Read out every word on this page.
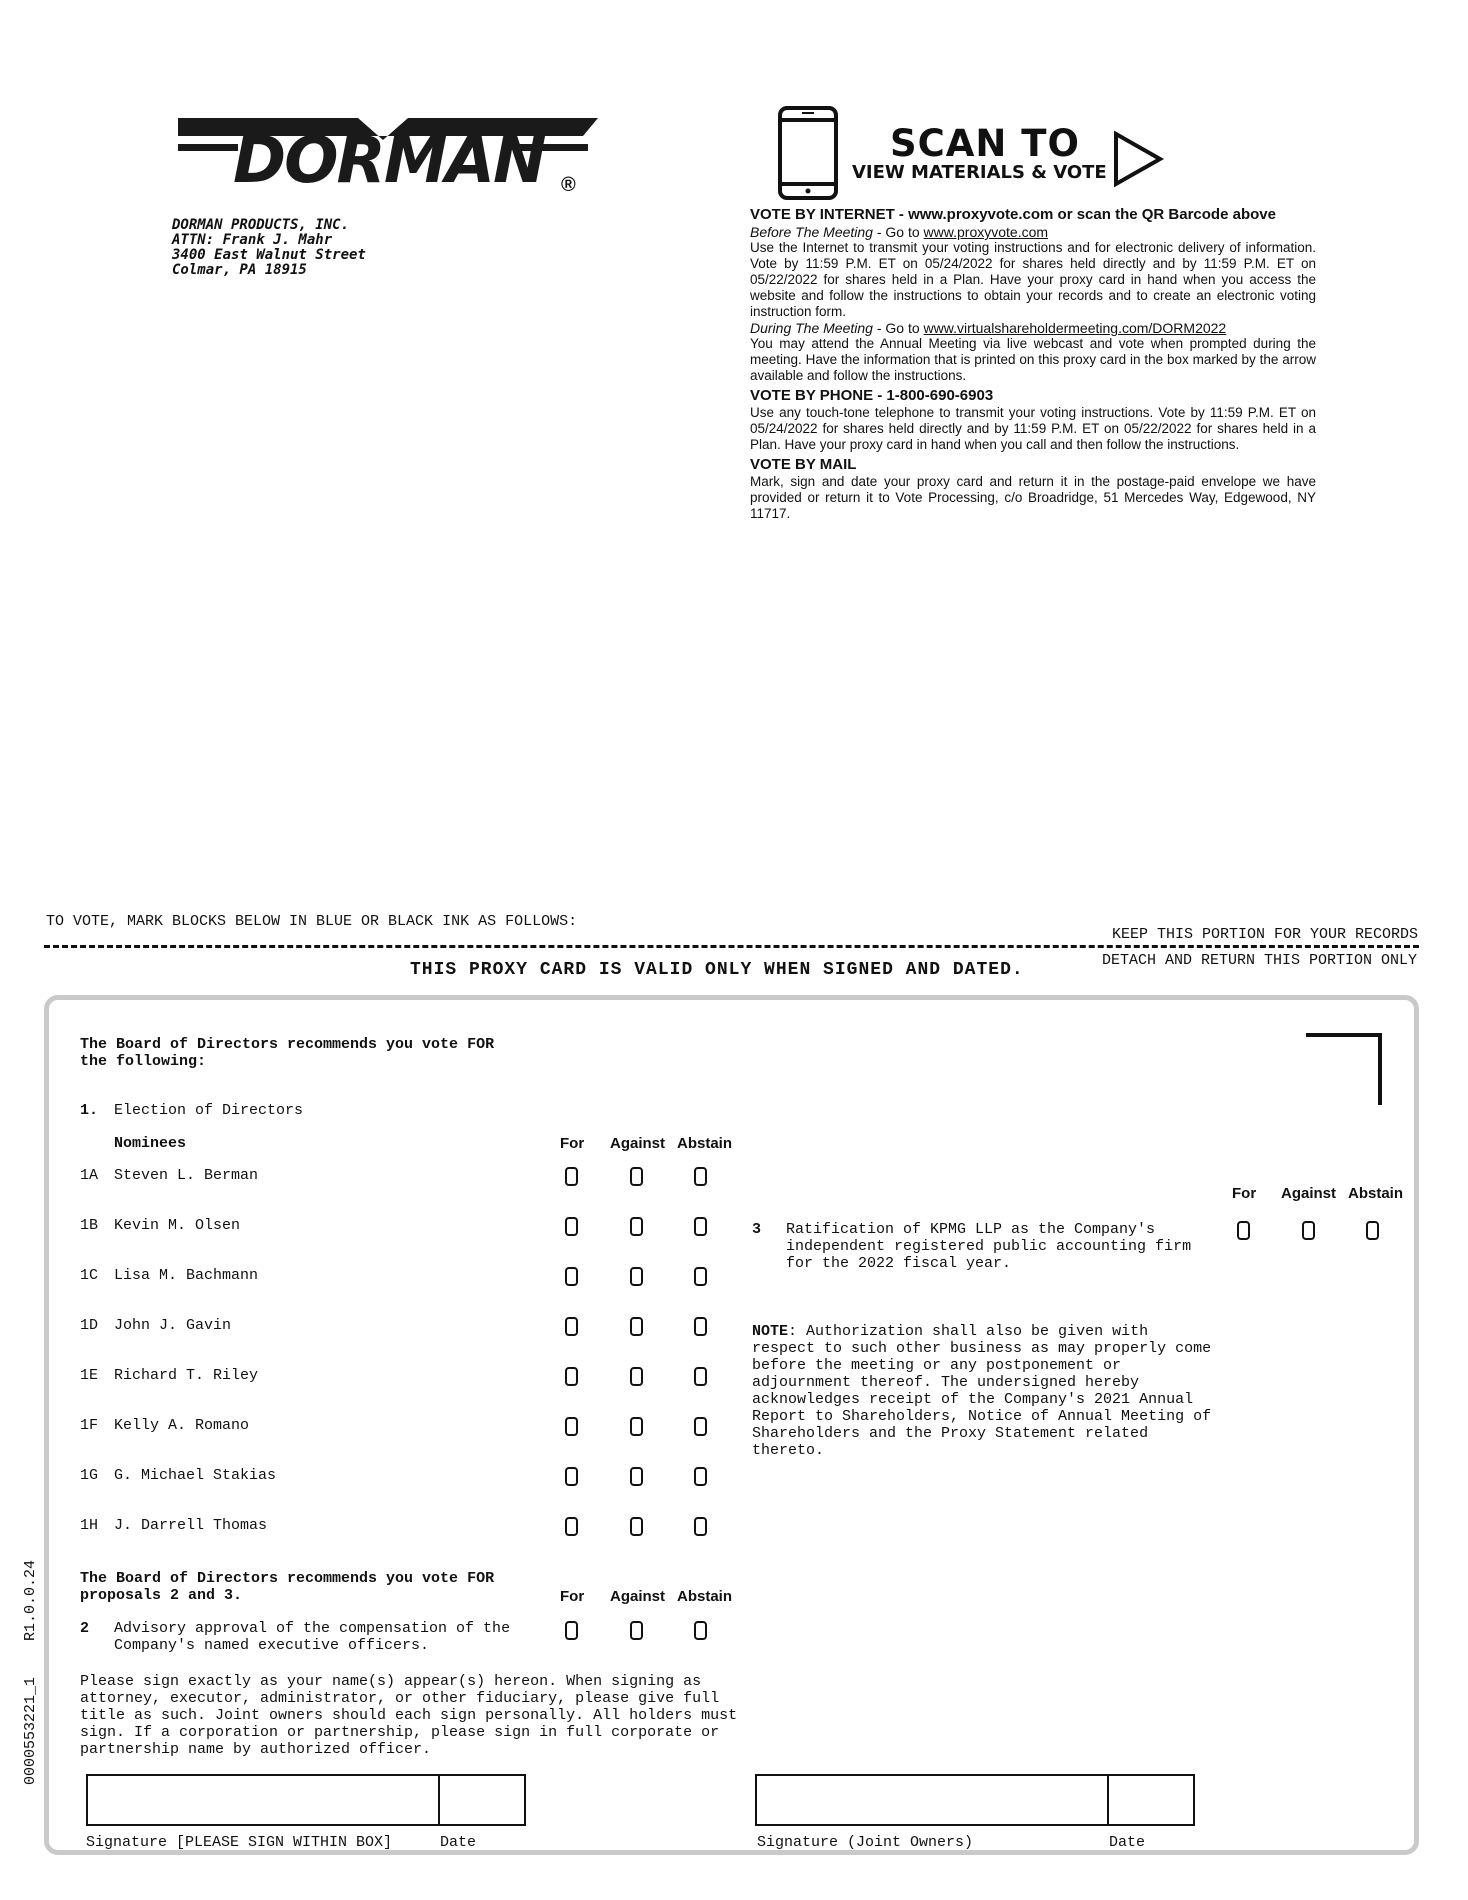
DORMAN ®
DORMAN PRODUCTS, INC.
ATTN: Frank J. Mahr
3400 East Walnut Street
Colmar, PA 18915
SCAN TO
VIEW MATERIALS & VOTE
VOTE BY INTERNET - www.proxyvote.com or scan the QR Barcode above
Before The Meeting - Go to www.proxyvote.com
Use the Internet to transmit your voting instructions and for electronic delivery of information. Vote by 11:59 P.M. ET on 05/24/2022 for shares held directly and by 11:59 P.M. ET on 05/22/2022 for shares held in a Plan. Have your proxy card in hand when you access the website and follow the instructions to obtain your records and to create an electronic voting instruction form.
During The Meeting - Go to www.virtualshareholdermeeting.com/DORM2022
You may attend the Annual Meeting via live webcast and vote when prompted during the meeting. Have the information that is printed on this proxy card in the box marked by the arrow available and follow the instructions.
VOTE BY PHONE - 1-800-690-6903
Use any touch-tone telephone to transmit your voting instructions. Vote by 11:59 P.M. ET on 05/24/2022 for shares held directly and by 11:59 P.M. ET on 05/22/2022 for shares held in a Plan. Have your proxy card in hand when you call and then follow the instructions.
VOTE BY MAIL
Mark, sign and date your proxy card and return it in the postage-paid envelope we have provided or return it to Vote Processing, c/o Broadridge, 51 Mercedes Way, Edgewood, NY 11717.
0000553221_1    R1.0.0.24
TO VOTE, MARK BLOCKS BELOW IN BLUE OR BLACK INK AS FOLLOWS:
KEEP THIS PORTION FOR YOUR RECORDS
DETACH AND RETURN THIS PORTION ONLY
THIS PROXY CARD IS VALID ONLY WHEN SIGNED AND DATED.
The Board of Directors recommends you vote FOR
the following:
1. Election of Directors
Nominees	For Against Abstain
1A Steven L. Berman
1B Kevin M. Olsen
1C Lisa M. Bachmann
1D John J. Gavin
1E Richard T. Riley
1F Kelly A. Romano
1G G. Michael Stakias
1H J. Darrell Thomas
The Board of Directors recommends you vote FOR
proposals 2 and 3.	For Against Abstain
2 Advisory approval of the compensation of the
Company's named executive officers.
For Against Abstain
3 Ratification of KPMG LLP as the Company's
independent registered public accounting firm
for the 2022 fiscal year.
NOTE: Authorization shall also be given with
respect to such other business as may properly come
before the meeting or any postponement or
adjournment thereof. The undersigned hereby
acknowledges receipt of the Company's 2021 Annual
Report to Shareholders, Notice of Annual Meeting of
Shareholders and the Proxy Statement related
thereto.
Please sign exactly as your name(s) appear(s) hereon. When signing as
attorney, executor, administrator, or other fiduciary, please give full
title as such. Joint owners should each sign personally. All holders must
sign. If a corporation or partnership, please sign in full corporate or
partnership name by authorized officer.
Signature [PLEASE SIGN WITHIN BOX]	Date	Signature (Joint Owners)	Date
